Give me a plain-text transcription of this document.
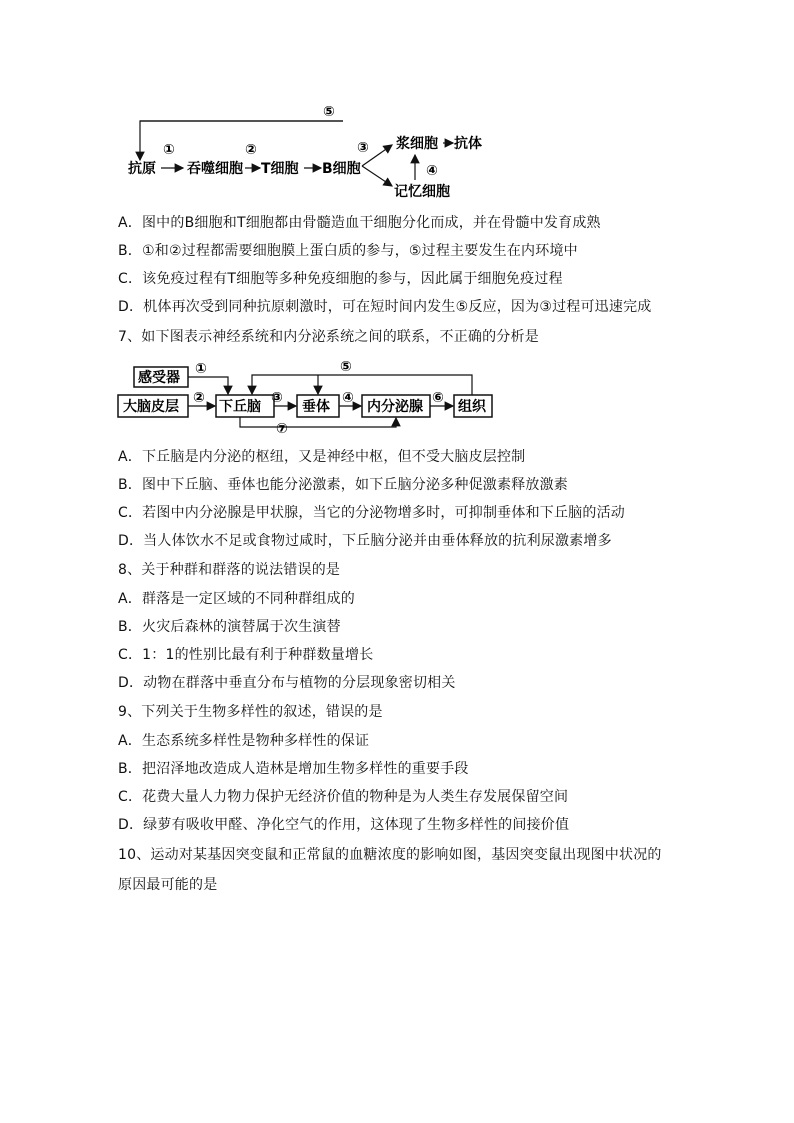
⑤
抗原
①
吞噬细胞
②
T细胞 B细胞
③ 浆细胞 抗体
④
记忆细胞
A．图中的B细胞和T细胞都由骨髓造血干细胞分化而成，并在骨髓中发育成熟
B．①和②过程都需要细胞膜上蛋白质的参与，⑤过程主要发生在内环境中
C．该免疫过程有T细胞等多种免疫细胞的参与，因此属于细胞免疫过程
D．机体再次受到同种抗原刺激时，可在短时间内发生⑤反应，因为③过程可迅速完成
7、如下图表示神经系统和内分泌系统之间的联系，不正确的分析是
感受器
大脑皮层	下丘脑	垂体	内分泌腺	组织
①
②	③	④	⑥
⑤
⑦
A．下丘脑是内分泌的枢纽，又是神经中枢，但不受大脑皮层控制
B．图中下丘脑、垂体也能分泌激素，如下丘脑分泌多种促激素释放激素
C．若图中内分泌腺是甲状腺，当它的分泌物增多时，可抑制垂体和下丘脑的活动
D．当人体饮水不足或食物过咸时，下丘脑分泌并由垂体释放的抗利尿激素增多
8、关于种群和群落的说法错误的是
A．群落是一定区域的不同种群组成的
B．火灾后森林的演替属于次生演替
C．1：1的性别比最有利于种群数量增长
D．动物在群落中垂直分布与植物的分层现象密切相关
9、下列关于生物多样性的叙述，错误的是
A．生态系统多样性是物种多样性的保证
B．把沼泽地改造成人造林是增加生物多样性的重要手段
C．花费大量人力物力保护无经济价值的物种是为人类生存发展保留空间
D．绿萝有吸收甲醛、净化空气的作用，这体现了生物多样性的间接价值
10、运动对某基因突变鼠和正常鼠的血糖浓度的影响如图，基因突变鼠出现图中状况的
原因最可能的是
